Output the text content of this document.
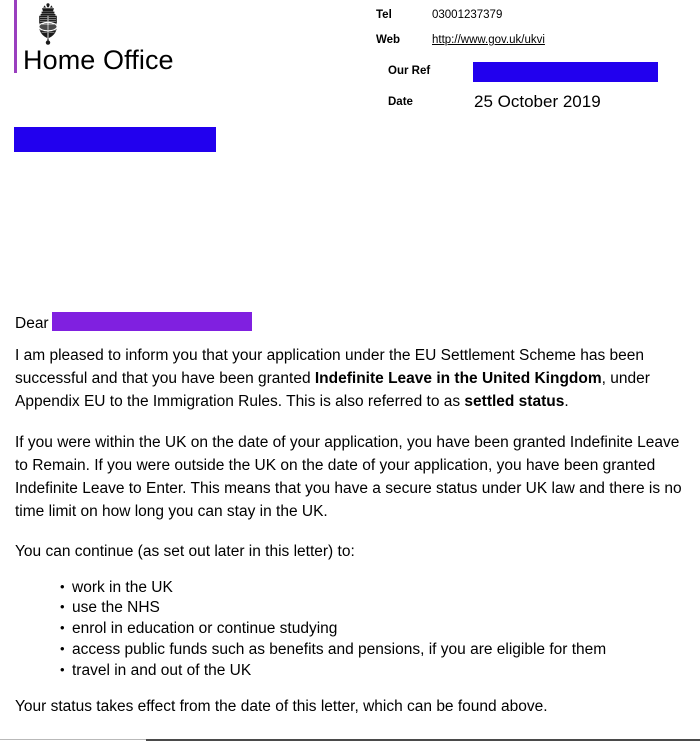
Home Office
Tel	03001237379
Web	http://www.gov.uk/ukvi
Our Ref
Date	25 October 2019

Dear

I am pleased to inform you that your application under the EU Settlement Scheme has been successful and that you have been granted Indefinite Leave in the United Kingdom, under Appendix EU to the Immigration Rules. This is also referred to as settled status.

If you were within the UK on the date of your application, you have been granted Indefinite Leave to Remain. If you were outside the UK on the date of your application, you have been granted Indefinite Leave to Enter. This means that you have a secure status under UK law and there is no time limit on how long you can stay in the UK.

You can continue (as set out later in this letter) to:

• work in the UK
• use the NHS
• enrol in education or continue studying
• access public funds such as benefits and pensions, if you are eligible for them
• travel in and out of the UK

Your status takes effect from the date of this letter, which can be found above.
